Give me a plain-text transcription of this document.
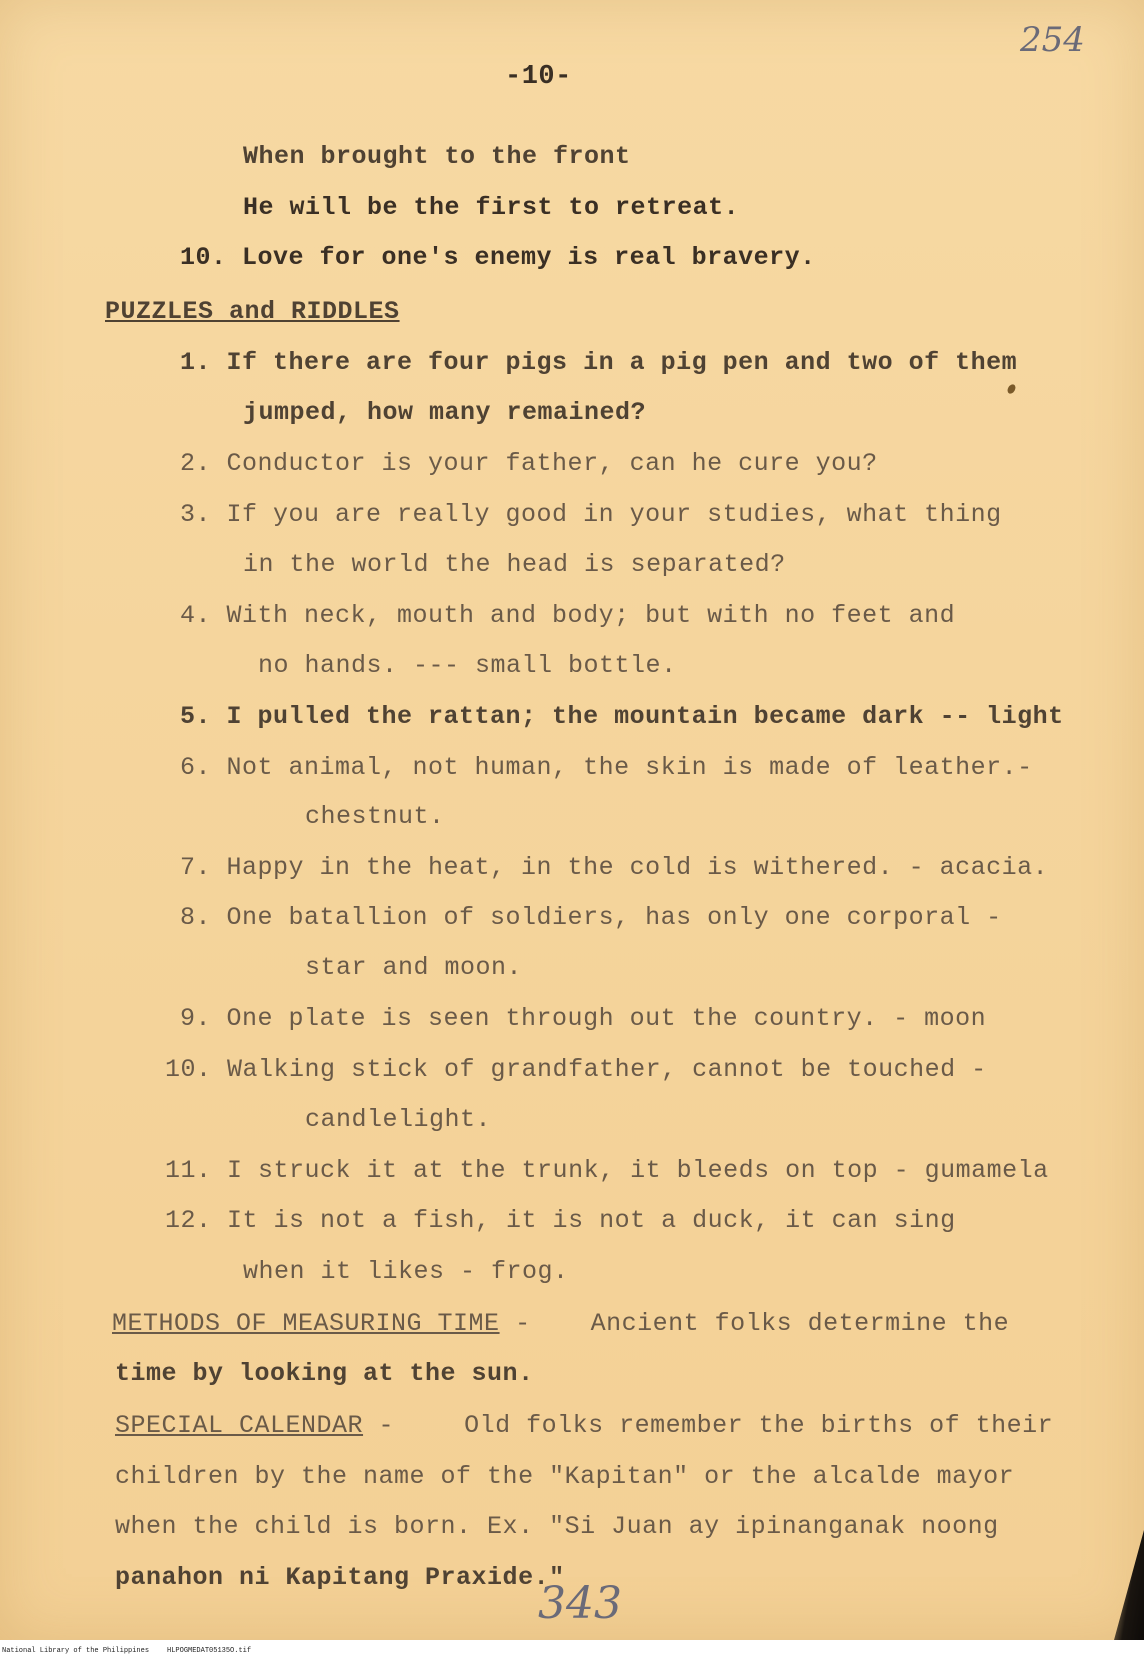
254
-10-
When brought to the front
He will be the first to retreat.
10. Love for one's enemy is real bravery.
PUZZLES and RIDDLES
1. If there are four pigs in a pig pen and two of them
jumped, how many remained?
2. Conductor is your father, can he cure you?
3. If you are really good in your studies, what thing
in the world the head is separated?
4. With neck, mouth and body; but with no feet and
no hands. --- small bottle.
5. I pulled the rattan; the mountain became dark -- light
6. Not animal, not human, the skin is made of leather.-
chestnut.
7. Happy in the heat, in the cold is withered. - acacia.
8. One batallion of soldiers, has only one corporal -
star and moon.
9. One plate is seen through out the country. - moon
10. Walking stick of grandfather, cannot be touched -
candlelight.
11. I struck it at the trunk, it bleeds on top - gumamela
12. It is not a fish, it is not a duck, it can sing
when it likes - frog.
METHODS OF MEASURING TIME - Ancient folks determine the
time by looking at the sun.
SPECIAL CALENDAR -	Old folks remember the births of their
children by the name of the "Kapitan" or the alcalde mayor
when the child is born. Ex. "Si Juan ay ipinanganak noong
panahon ni Kapitang Praxide."
343
National Library of the Philippines	HLPOGMEDAT05135O.tif
